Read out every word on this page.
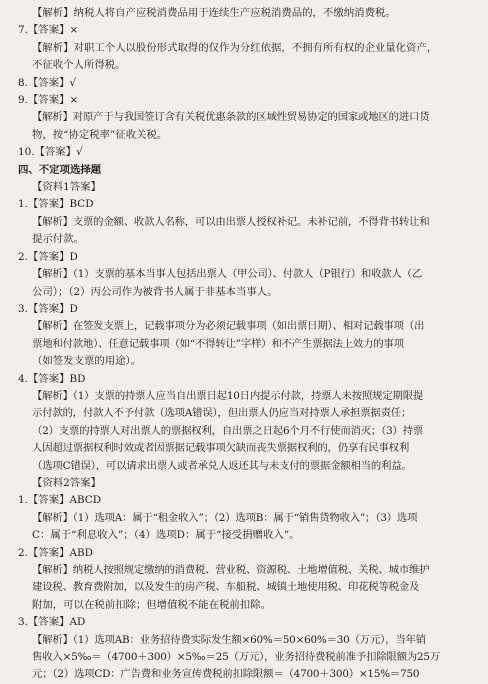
【解析】纳税人将自产应税消费品用于连续生产应税消费品的，不缴纳消费税。
7.【答案】×
【解析】对职工个人以股份形式取得的仅作为分红依据，不拥有所有权的企业量化资产，
不征收个人所得税。
8.【答案】√
9.【答案】×
【解析】对原产于与我国签订含有关税优惠条款的区域性贸易协定的国家或地区的进口货
物，按“协定税率”征收关税。
10.【答案】√
四、不定项选择题
【资料1答案】
1.【答案】BCD
【解析】支票的金额、收款人名称，可以由出票人授权补记。未补记前，不得背书转让和
提示付款。
2.【答案】D
【解析】（1）支票的基本当事人包括出票人（甲公司）、付款人（P银行）和收款人（乙
公司）；（2）丙公司作为被背书人属于非基本当事人。
3.【答案】D
【解析】在签发支票上，记载事项分为必须记载事项（如出票日期）、相对记载事项（出
票地和付款地）、任意记载事项（如“不得转让”字样）和不产生票据法上效力的事项
（如签发支票的用途）。
4.【答案】BD
【解析】（1）支票的持票人应当自出票日起10日内提示付款，持票人未按照规定期限提
示付款的，付款人不予付款（选项A错误），但出票人仍应当对持票人承担票据责任；
（2）支票的持票人对出票人的票据权利，自出票之日起6个月不行使而消灭；（3）持票
人因超过票据权利时效或者因票据记载事项欠缺而丧失票据权利的，仍享有民事权利
（选项C错误），可以请求出票人或者承兑人返还其与未支付的票据金额相当的利益。
【资料2答案】
1.【答案】ABCD
【解析】（1）选项A：属于“租金收入”；（2）选项B：属于“销售货物收入”；（3）选项
C：属于“利息收入”；（4）选项D：属于“接受捐赠收入”。
2.【答案】ABD
【解析】纳税人按照规定缴纳的消费税、营业税、资源税、土地增值税、关税、城市维护
建设税、教育费附加，以及发生的房产税、车船税、城镇土地使用税、印花税等税金及
附加，可以在税前扣除；但增值税不能在税前扣除。
3.【答案】AD
【解析】（1）选项AB：业务招待费实际发生额×60%＝50×60%＝30（万元），当年销
售收入×5‰＝（4700＋300）×5‰＝25（万元），业务招待费税前准予扣除限额为25万
元；（2）选项CD：广告费和业务宣传费税前扣除限额＝（4700＋300）×15%＝750
